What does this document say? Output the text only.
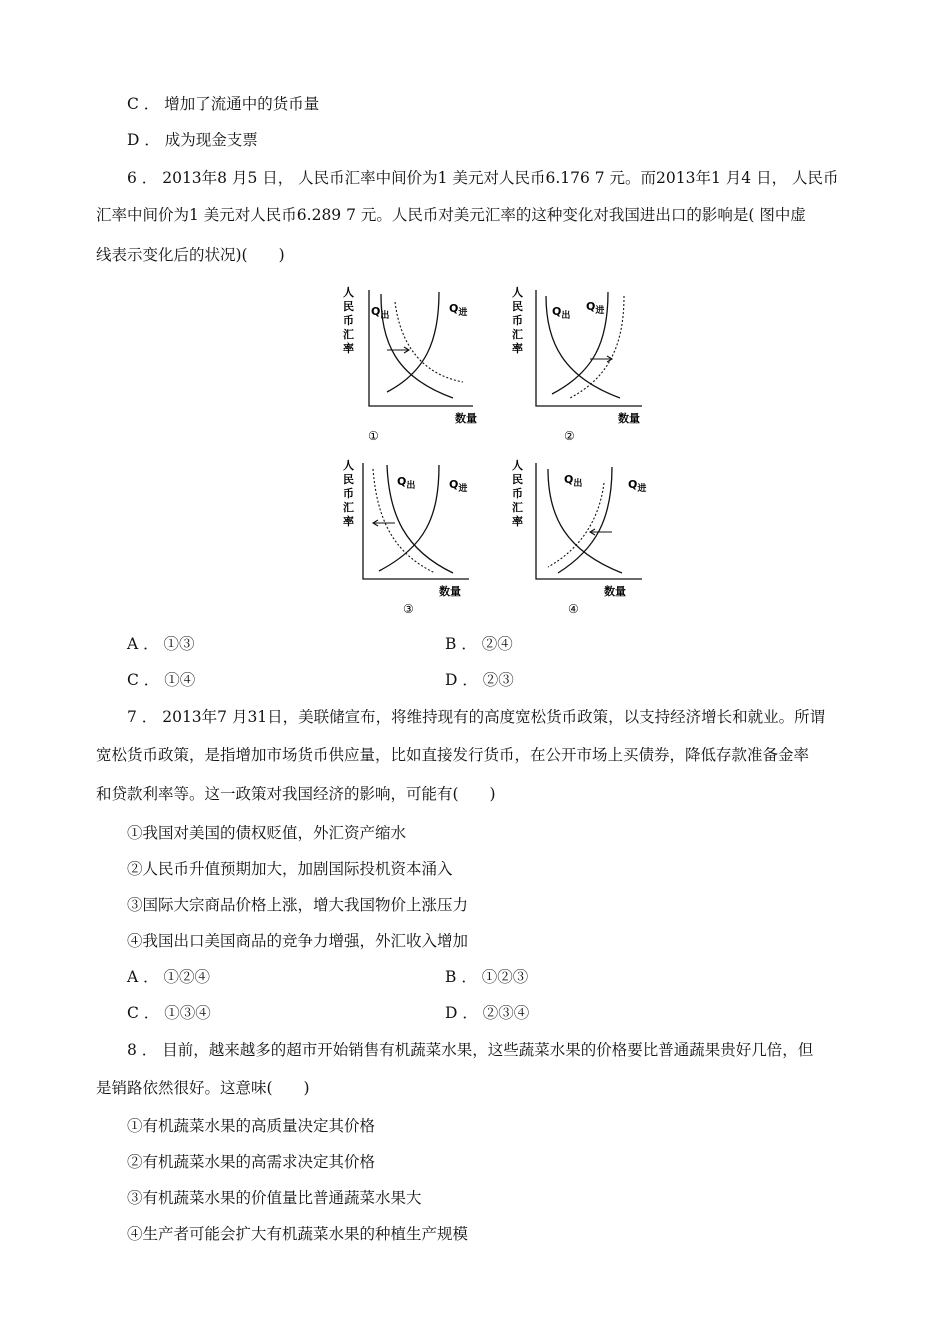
C ． 增加了流通中的货币量
D ． 成为现金支票
6 ． 2013年8 月5 日， 人民币汇率中间价为1 美元对人民币6.176 7 元。而2013年1 月4 日， 人民币
汇率中间价为1 美元对人民币6.289 7 元。人民币对美元汇率的这种变化对我国进出口的影响是( 图中虚
线表示变化后的状况)(　　)
人
民
币
汇
率
$Q_出$
$Q_进$
数量
①
人
民
币
汇
率
$Q_出$
$Q_进$
数量
②
人
民
币
汇
率
$Q_出$	$Q_进$
数量
③
人
民
币
汇
率
$Q_出$	$Q_进$
数量
④
A ． ①③	B ． ②④
C ． ①④	D ． ②③
7 ． 2013年7 月31日，美联储宣布，将维持现有的高度宽松货币政策，以支持经济增长和就业。所谓
宽松货币政策，是指增加市场货币供应量，比如直接发行货币，在公开市场上买债券，降低存款准备金率
和贷款利率等。这一政策对我国经济的影响，可能有(　　)
①我国对美国的债权贬值，外汇资产缩水
②人民币升值预期加大，加剧国际投机资本涌入
③国际大宗商品价格上涨，增大我国物价上涨压力
④我国出口美国商品的竞争力增强，外汇收入增加
A ． ①②④	B ． ①②③
C ． ①③④	D ． ②③④
8 ． 目前，越来越多的超市开始销售有机蔬菜水果，这些蔬菜水果的价格要比普通蔬果贵好几倍，但
是销路依然很好。这意味(　　)
①有机蔬菜水果的高质量决定其价格
②有机蔬菜水果的高需求决定其价格
③有机蔬菜水果的价值量比普通蔬菜水果大
④生产者可能会扩大有机蔬菜水果的种植生产规模
